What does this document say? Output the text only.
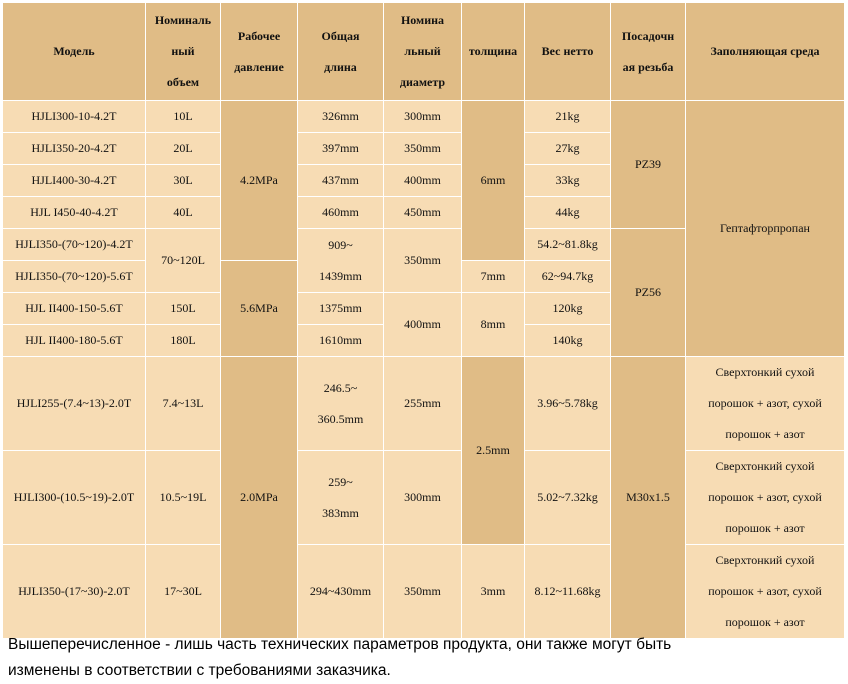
Модель	Номиналь
ный
объем	Рабочее
давление	Общая
длина	Номина
льный
диаметр	толщина	Вес нетто	Посадочн
ая резьба	Заполняющая среда
HJLI300-10-4.2T	10L	4.2MPa	326mm	300mm	6mm	21kg	PZ39	Гептафторпропан
HJLI350-20-4.2T	20L		397mm	350mm		27kg		
HJLI400-30-4.2T	30L		437mm	400mm		33kg		
HJL I450-40-4.2T	40L		460mm	450mm		44kg		
HJLI350-(70~120)-4.2T	70~120L		909~
1439mm	350mm		54.2~81.8kg	PZ56	
HJLI350-(70~120)-5.6T		5.6MPa			7mm	62~94.7kg		
HJL II400-150-5.6T	150L		1375mm	400mm	8mm	120kg		
HJL II400-180-5.6T	180L		1610mm			140kg		
HJLI255-(7.4~13)-2.0T	7.4~13L	2.0MPa	246.5~
360.5mm	255mm	2.5mm	3.96~5.78kg	M30x1.5	Сверхтонкий сухой
порошок + азот, сухой
порошок + азот

HJLI300-(10.5~19)-2.0T	10.5~19L		259~
383mm	300mm		5.02~7.32kg		Сверхтонкий сухой
порошок + азот, сухой
порошок + азот

HJLI350-(17~30)-2.0T	17~30L		294~430mm	350mm	3mm	8.12~11.68kg		Сверхтонкий сухой
порошок + азот, сухой
порошок + азот
Вышеперечисленное - лишь часть технических параметров продукта, они также могут быть
изменены в соответствии с требованиями заказчика.
